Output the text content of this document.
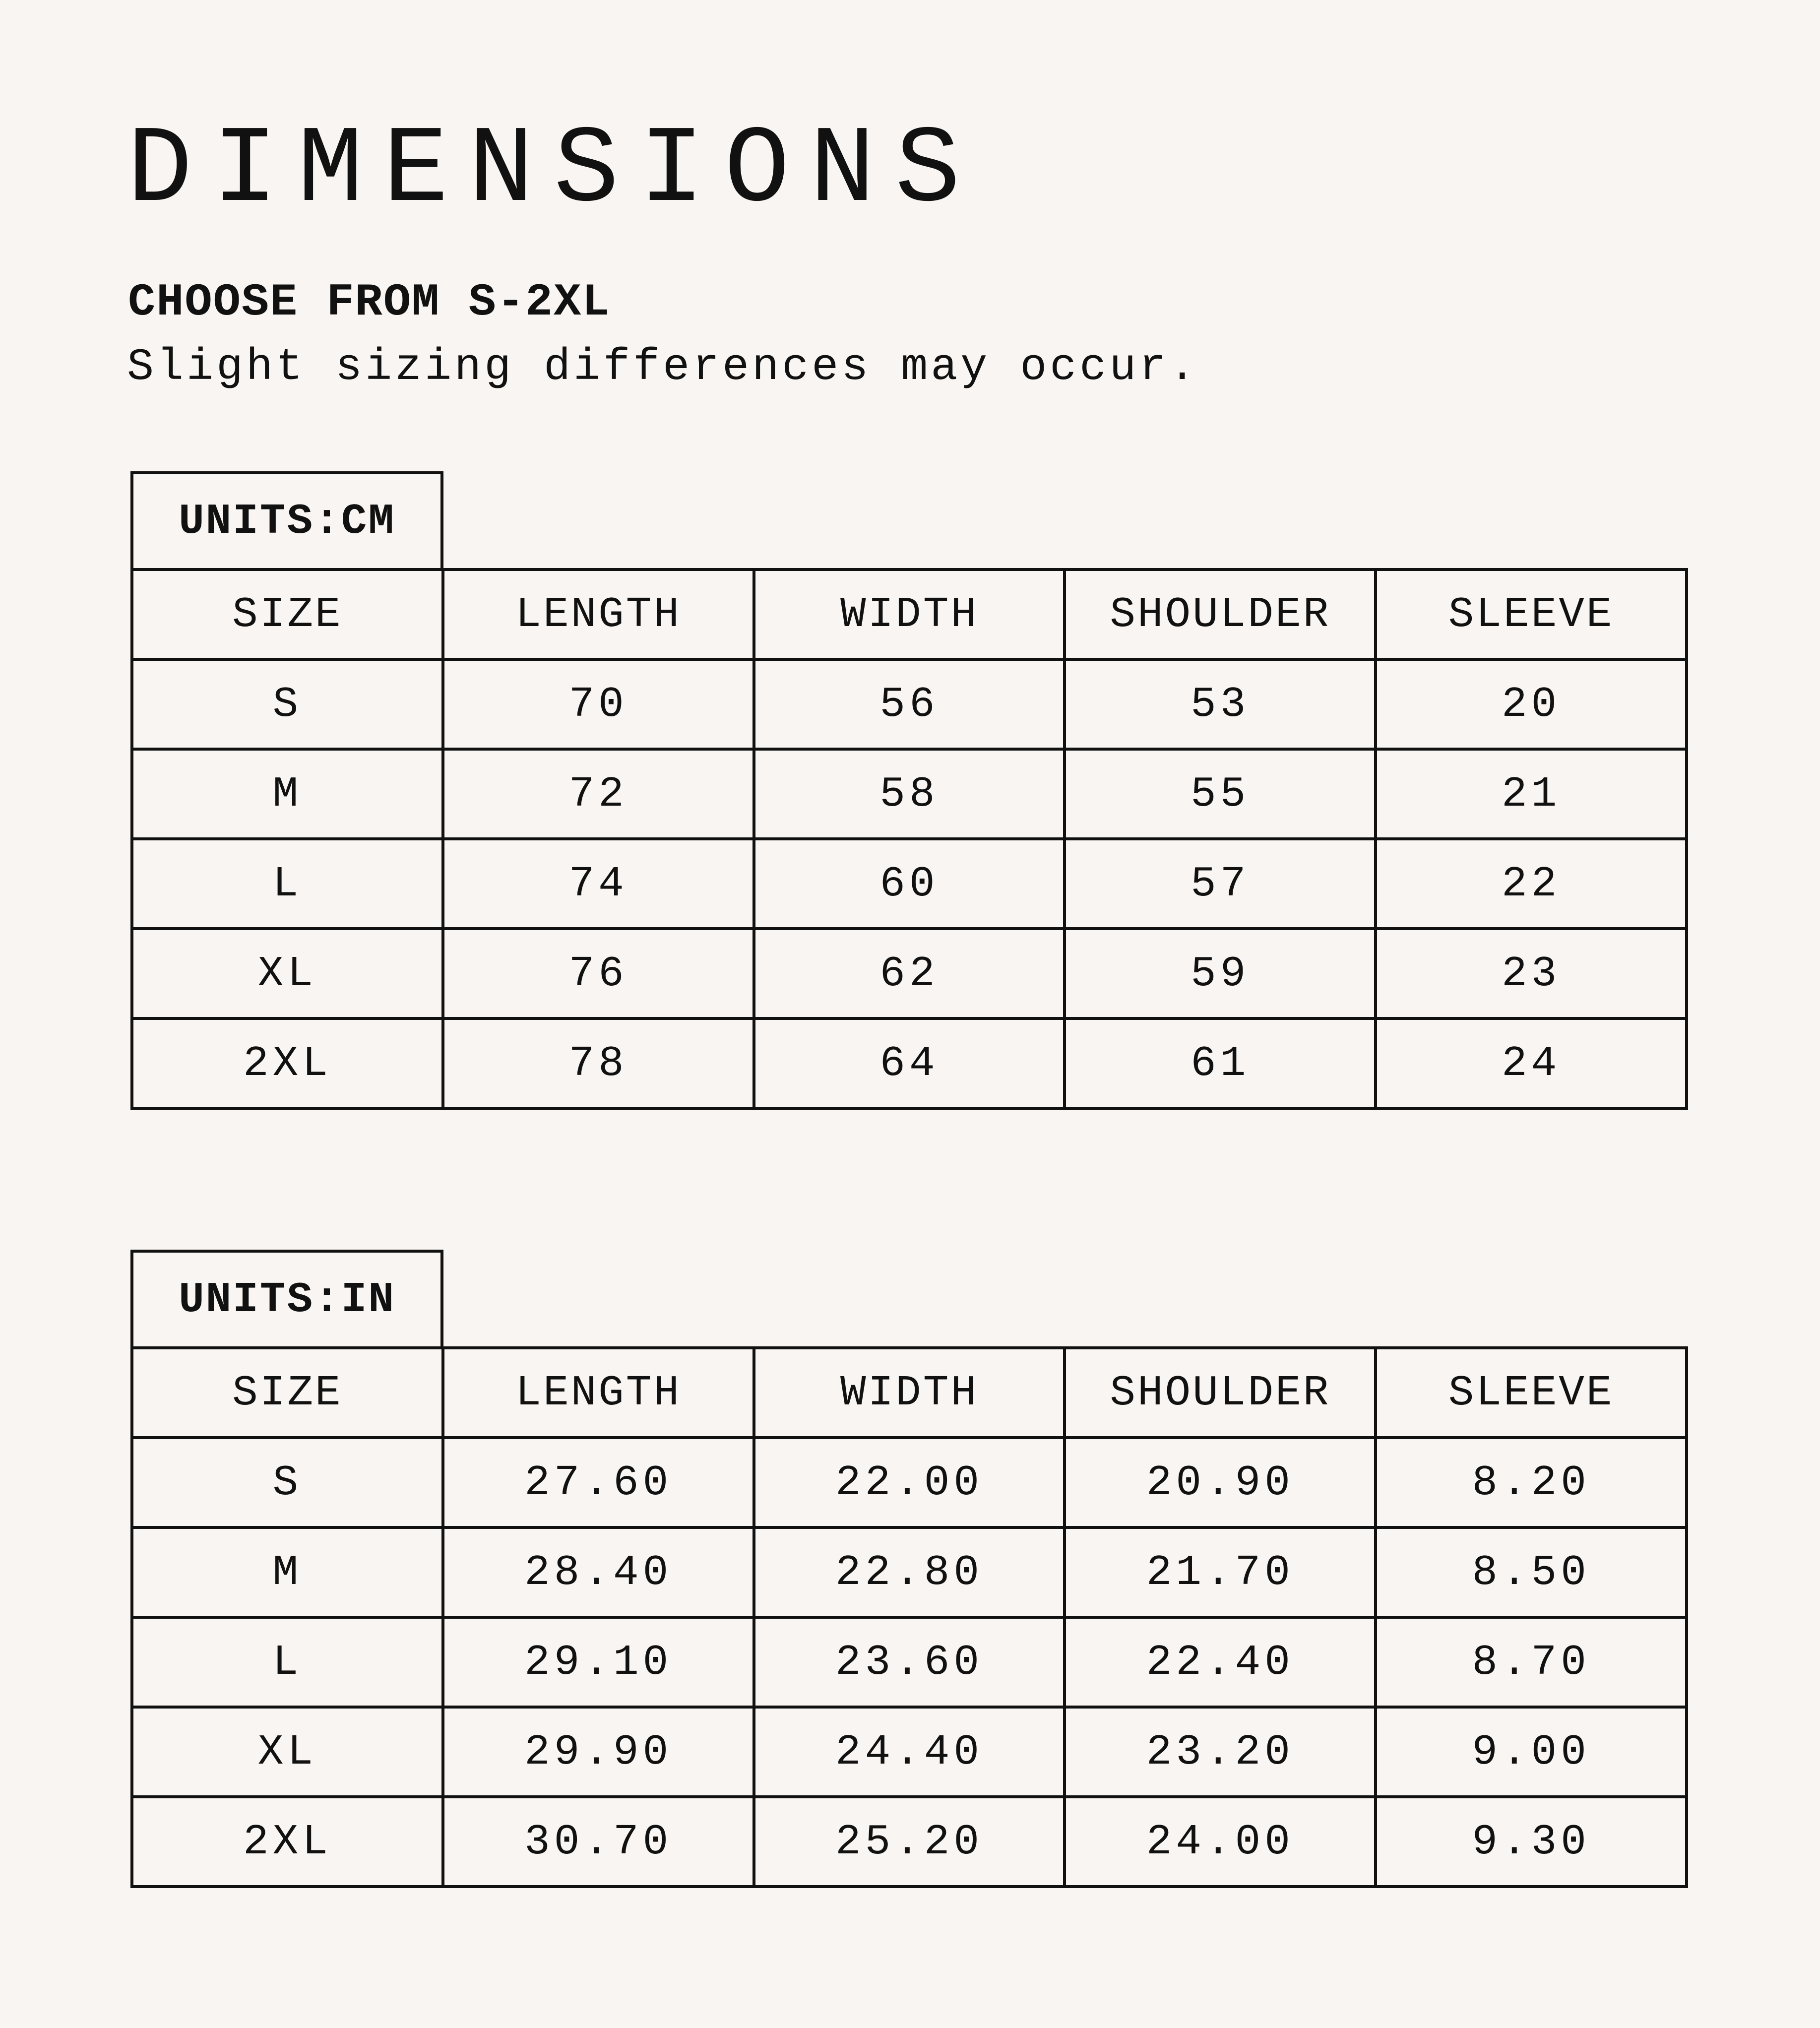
DIMENSIONS
CHOOSE FROM S-2XL
Slight sizing differences may occur.
UNITS:CM
SIZE	LENGTH	WIDTH	SHOULDER	SLEEVE
S	70	56	53	20
M	72	58	55	21
L	74	60	57	22
XL	76	62	59	23
2XL	78	64	61	24
UNITS:IN
SIZE	LENGTH	WIDTH	SHOULDER	SLEEVE
S	27.60	22.00	20.90	8.20
M	28.40	22.80	21.70	8.50
L	29.10	23.60	22.40	8.70
XL	29.90	24.40	23.20	9.00
2XL	30.70	25.20	24.00	9.30
